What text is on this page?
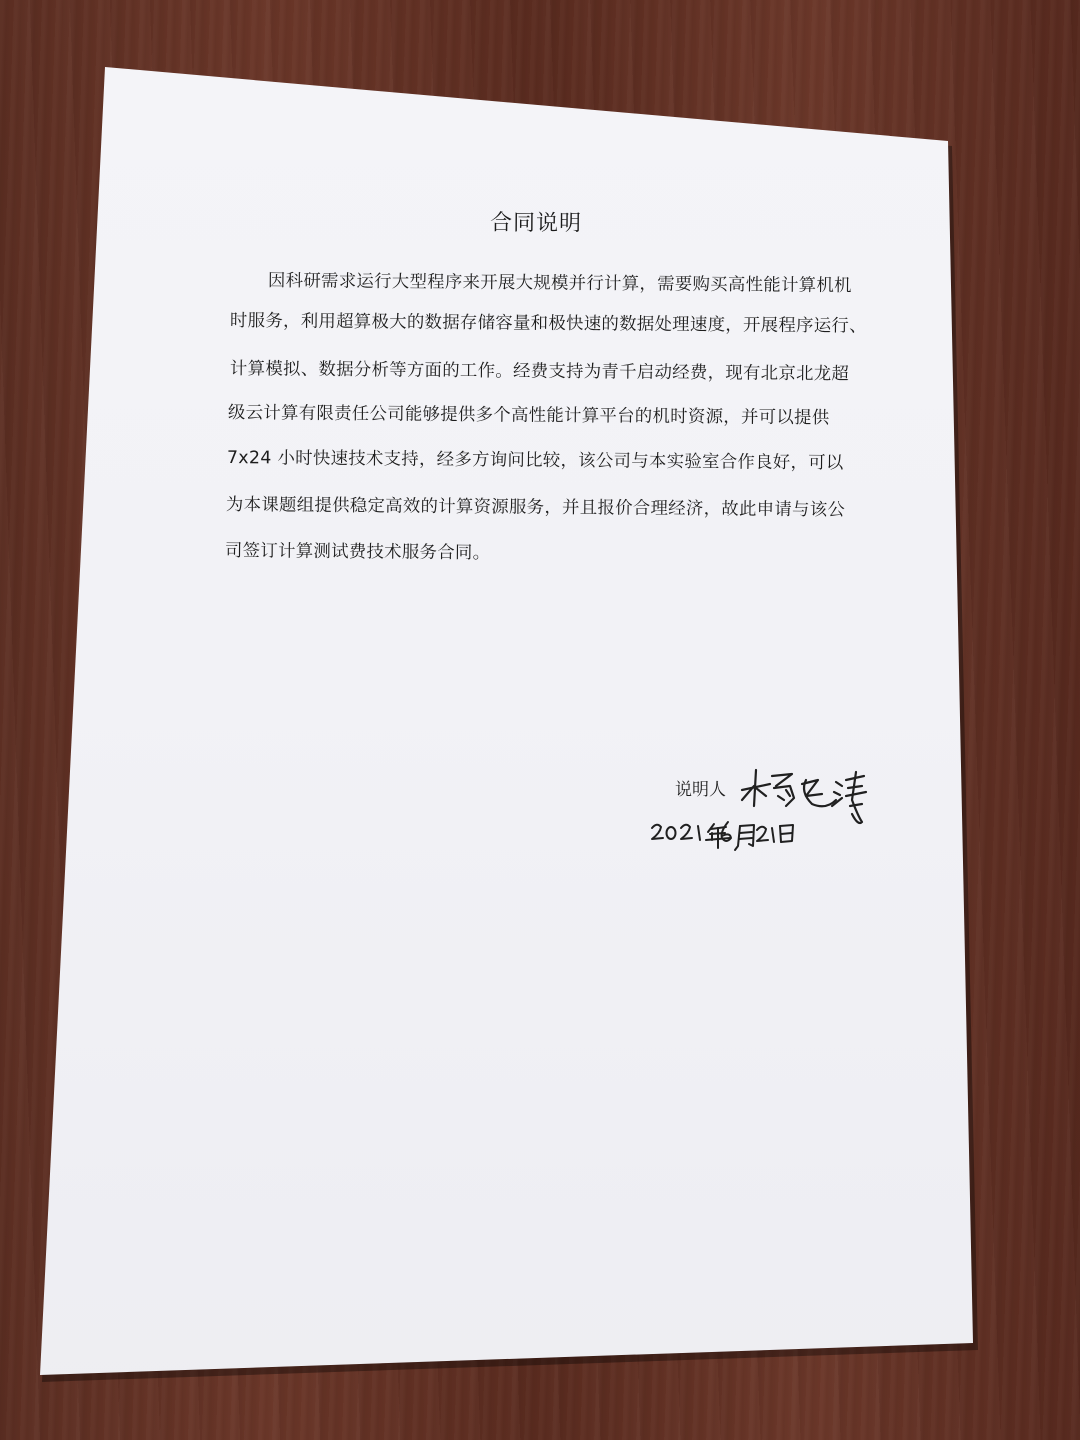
合同说明
因科研需求运行大型程序来开展大规模并行计算，需要购买高性能计算机机
时服务，利用超算极大的数据存储容量和极快速的数据处理速度，开展程序运行、
计算模拟、数据分析等方面的工作。经费支持为青千启动经费，现有北京北龙超
级云计算有限责任公司能够提供多个高性能计算平台的机时资源，并可以提供
7x24 小时快速技术支持，经多方询问比较，该公司与本实验室合作良好，可以
为本课题组提供稳定高效的计算资源服务，并且报价合理经济，故此申请与该公
司签订计算测试费技术服务合同。
说明人
